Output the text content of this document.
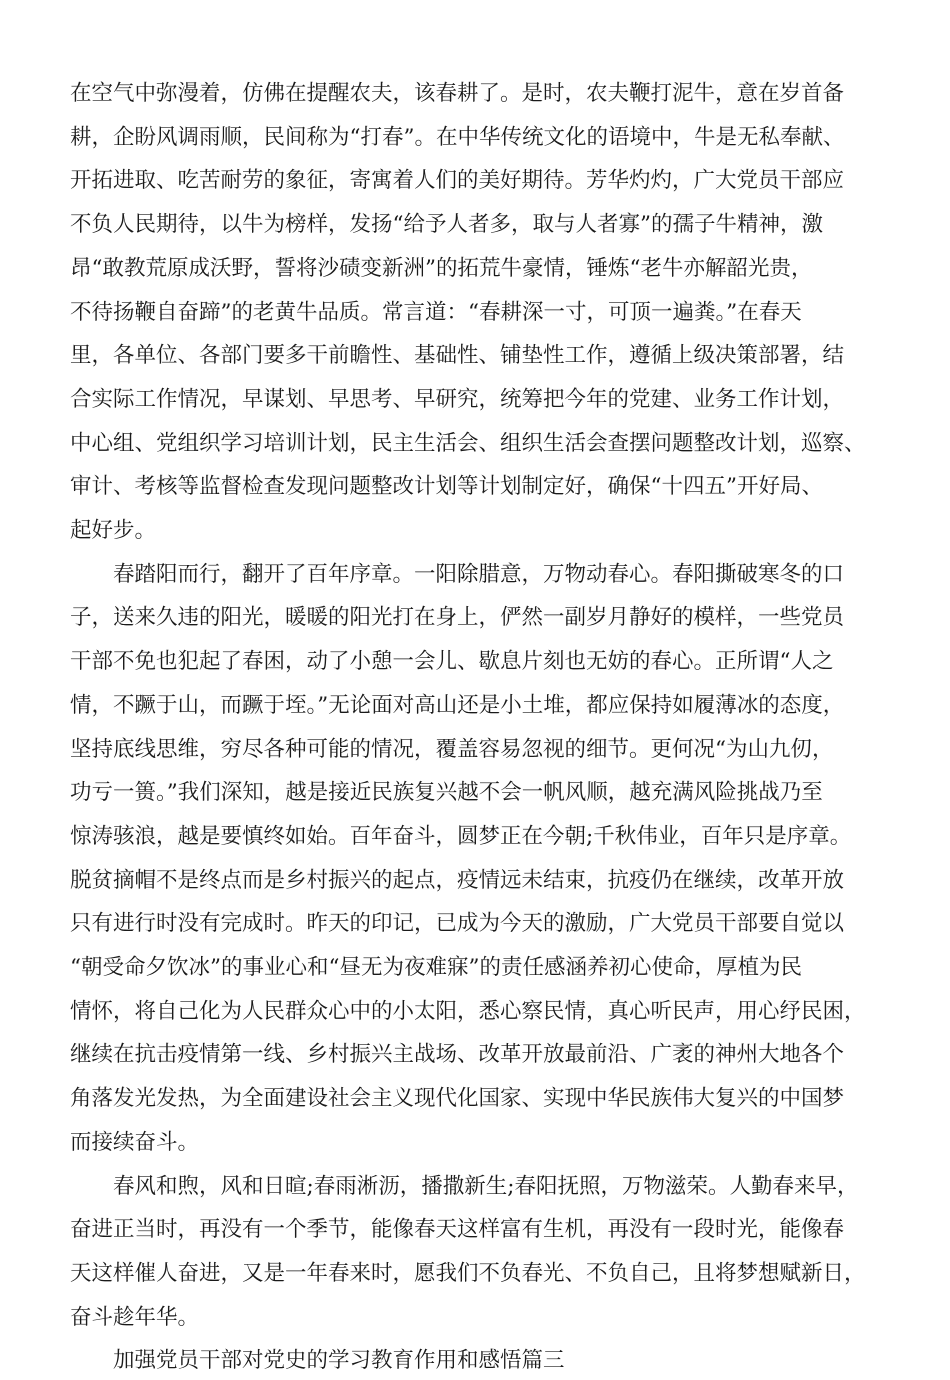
在空气中弥漫着，仿佛在提醒农夫，该春耕了。是时，农夫鞭打泥牛，意在岁首备

耕，企盼风调雨顺，民间称为“打春”。在中华传统文化的语境中，牛是无私奉献、

开拓进取、吃苦耐劳的象征，寄寓着人们的美好期待。芳华灼灼，广大党员干部应

不负人民期待，以牛为榜样，发扬“给予人者多，取与人者寡”的孺子牛精神，激

昂“敢教荒原成沃野，誓将沙碛变新洲”的拓荒牛豪情，锤炼“老牛亦解韶光贵，

不待扬鞭自奋蹄”的老黄牛品质。常言道：“春耕深一寸，可顶一遍粪。”在春天

里，各单位、各部门要多干前瞻性、基础性、铺垫性工作，遵循上级决策部署，结

合实际工作情况，早谋划、早思考、早研究，统筹把今年的党建、业务工作计划，

中心组、党组织学习培训计划，民主生活会、组织生活会查摆问题整改计划，巡察、

审计、考核等监督检查发现问题整改计划等计划制定好，确保“十四五”开好局、

起好步。

　　春踏阳而行，翻开了百年序章。一阳除腊意，万物动春心。春阳撕破寒冬的口

子，送来久违的阳光，暖暖的阳光打在身上，俨然一副岁月静好的模样，一些党员

干部不免也犯起了春困，动了小憩一会儿、歇息片刻也无妨的春心。正所谓“人之

情，不蹶于山，而蹶于垤。”无论面对高山还是小土堆，都应保持如履薄冰的态度，

坚持底线思维，穷尽各种可能的情况，覆盖容易忽视的细节。更何况“为山九仞，

功亏一篑。”我们深知，越是接近民族复兴越不会一帆风顺，越充满风险挑战乃至

惊涛骇浪，越是要慎终如始。百年奋斗，圆梦正在今朝;千秋伟业，百年只是序章。

脱贫摘帽不是终点而是乡村振兴的起点，疫情远未结束，抗疫仍在继续，改革开放

只有进行时没有完成时。昨天的印记，已成为今天的激励，广大党员干部要自觉以

“朝受命夕饮冰”的事业心和“昼无为夜难寐”的责任感涵养初心使命，厚植为民

情怀，将自己化为人民群众心中的小太阳，悉心察民情，真心听民声，用心纾民困，

继续在抗击疫情第一线、乡村振兴主战场、改革开放最前沿、广袤的神州大地各个

角落发光发热，为全面建设社会主义现代化国家、实现中华民族伟大复兴的中国梦

而接续奋斗。

　　春风和煦，风和日暄;春雨淅沥，播撒新生;春阳抚照，万物滋荣。人勤春来早，

奋进正当时，再没有一个季节，能像春天这样富有生机，再没有一段时光，能像春

天这样催人奋进，又是一年春来时，愿我们不负春光、不负自己，且将梦想赋新日，

奋斗趁年华。

　　加强党员干部对党史的学习教育作用和感悟篇三
